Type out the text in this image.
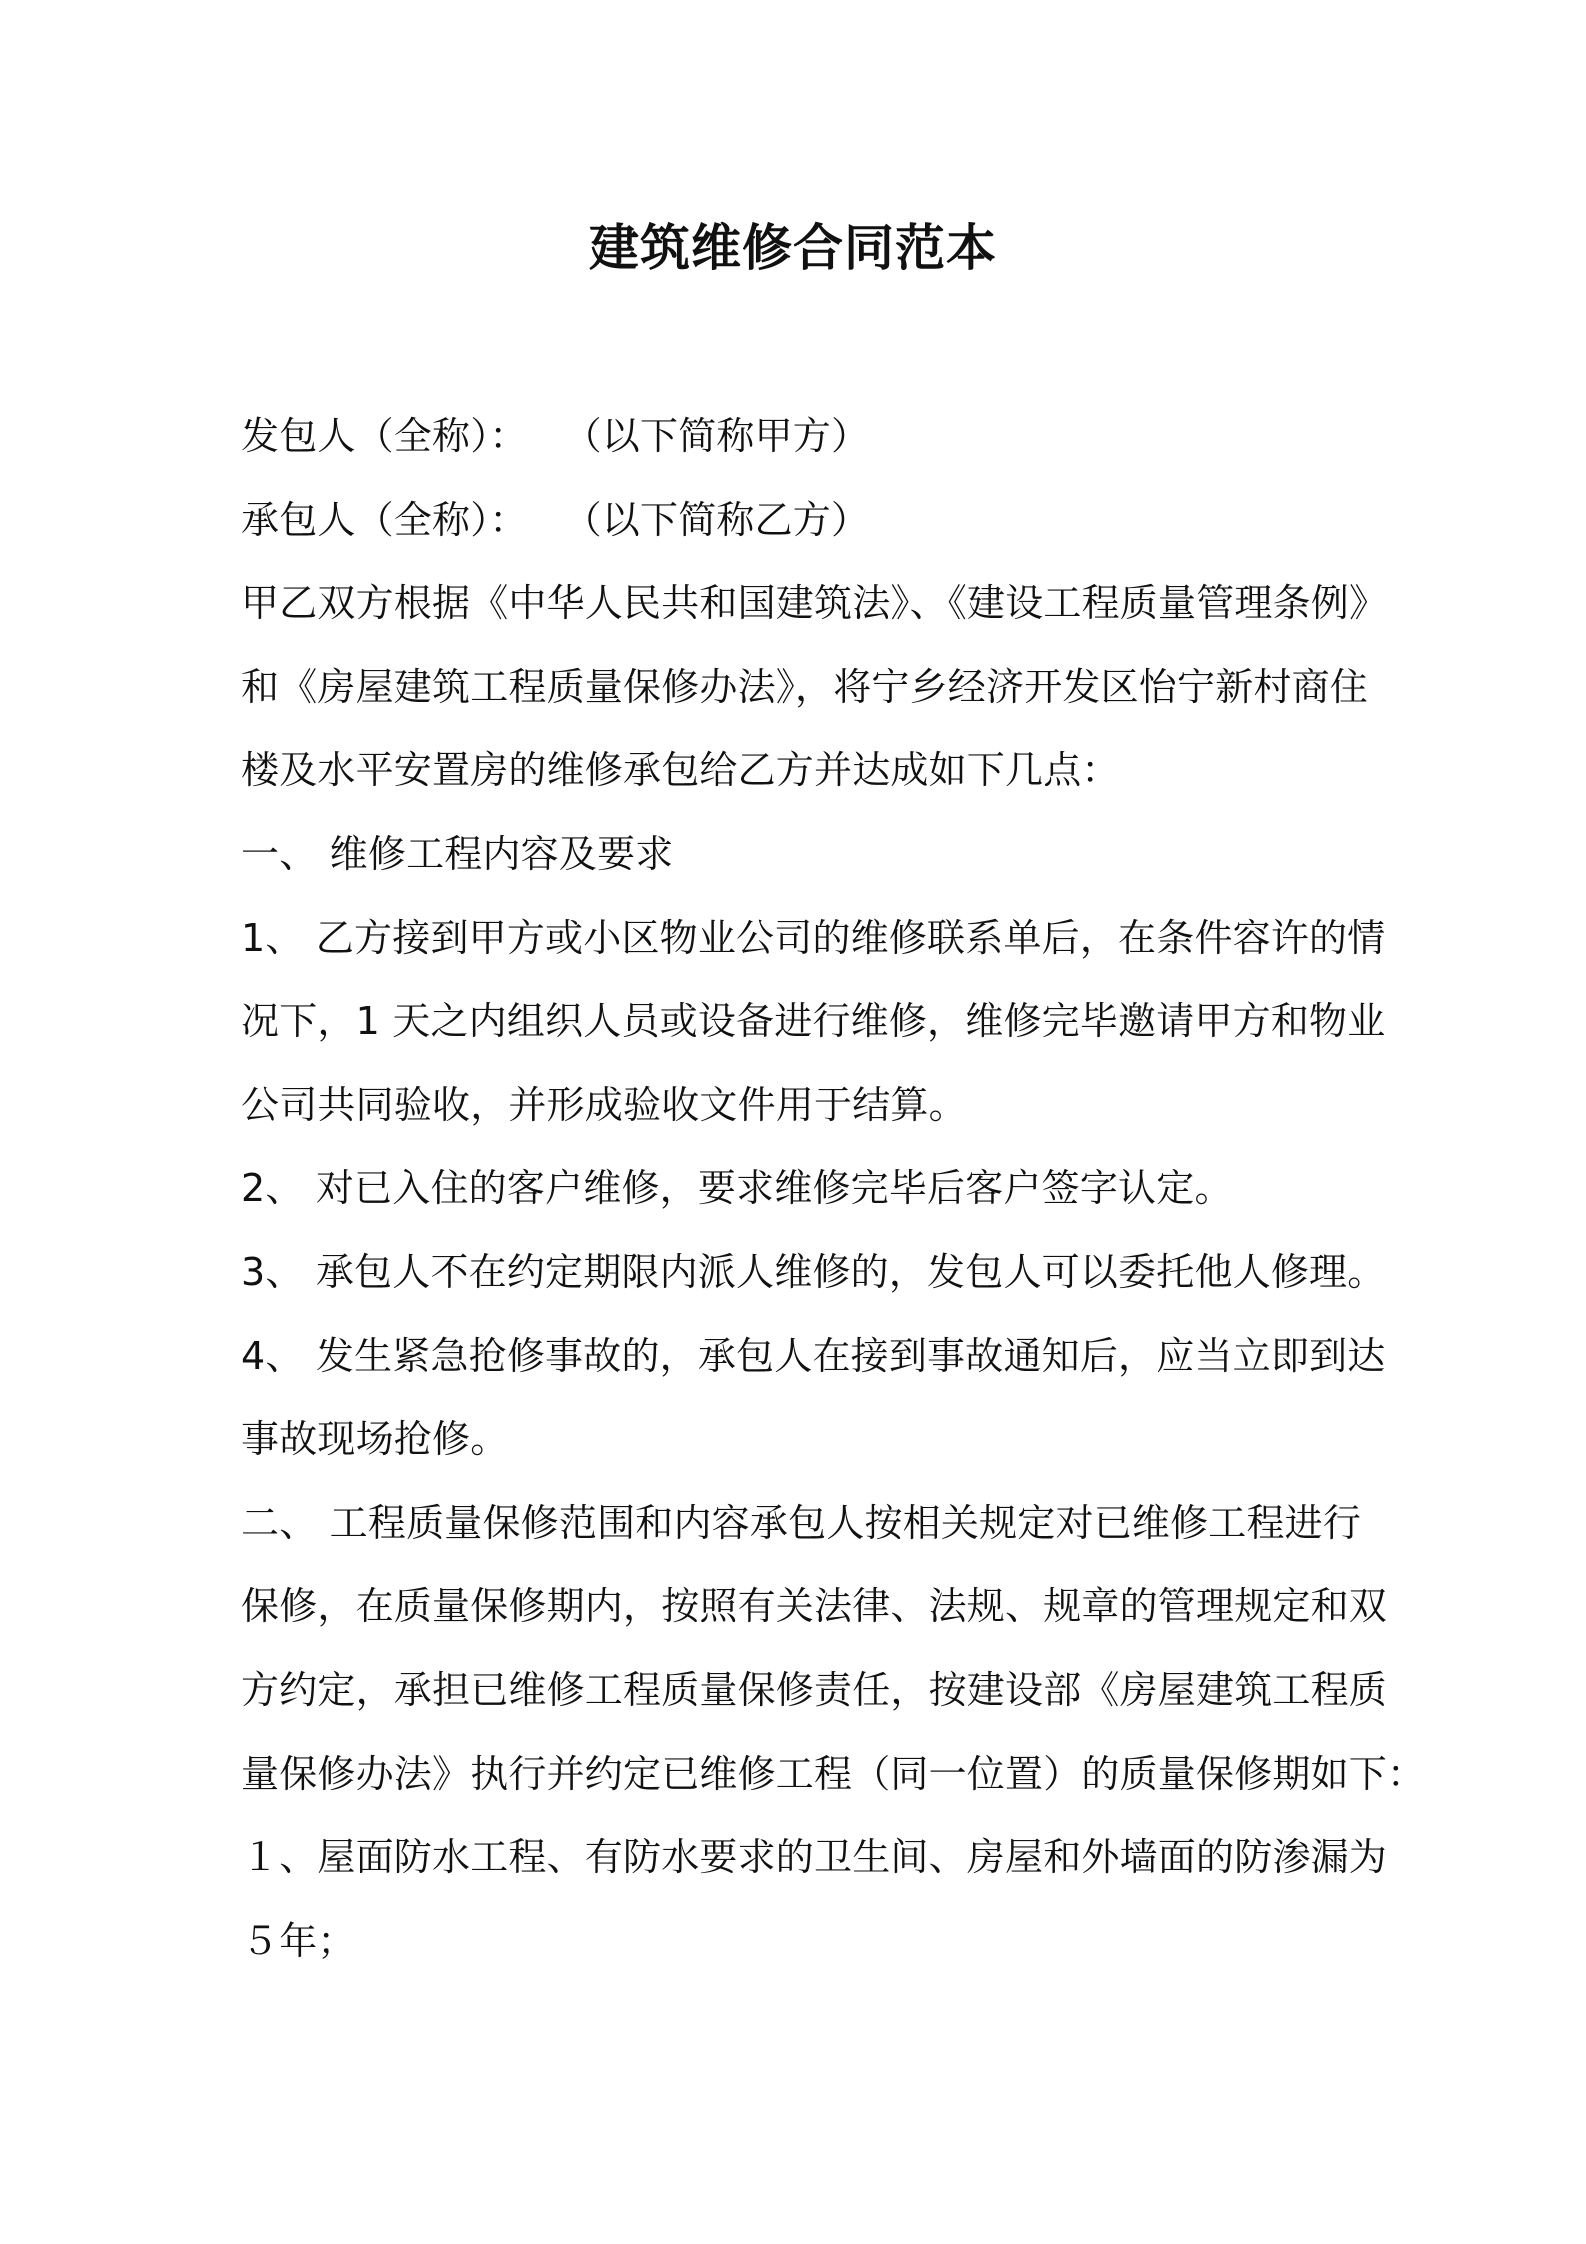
建筑维修合同范本
发包人（全称）： （以下简称甲方）
承包人（全称）： （以下简称乙方）
甲乙双方根据《中华人民共和国建筑法》、《建设工程质量管理条例》
和《房屋建筑工程质量保修办法》，将宁乡经济开发区怡宁新村商住
楼及水平安置房的维修承包给乙方并达成如下几点：
一、 维修工程内容及要求
1、 乙方接到甲方或小区物业公司的维修联系单后，在条件容许的情
况下，1 天之内组织人员或设备进行维修，维修完毕邀请甲方和物业
公司共同验收，并形成验收文件用于结算。
2、 对已入住的客户维修，要求维修完毕后客户签字认定。
3、 承包人不在约定期限内派人维修的，发包人可以委托他人修理。
4、 发生紧急抢修事故的，承包人在接到事故通知后，应当立即到达
事故现场抢修。
二、 工程质量保修范围和内容承包人按相关规定对已维修工程进行
保修，在质量保修期内，按照有关法律、法规、规章的管理规定和双
方约定，承担已维修工程质量保修责任，按建设部《房屋建筑工程质
量保修办法》执行并约定已维修工程（同一位置）的质量保修期如下：
１、屋面防水工程、有防水要求的卫生间、房屋和外墙面的防渗漏为
５年；
